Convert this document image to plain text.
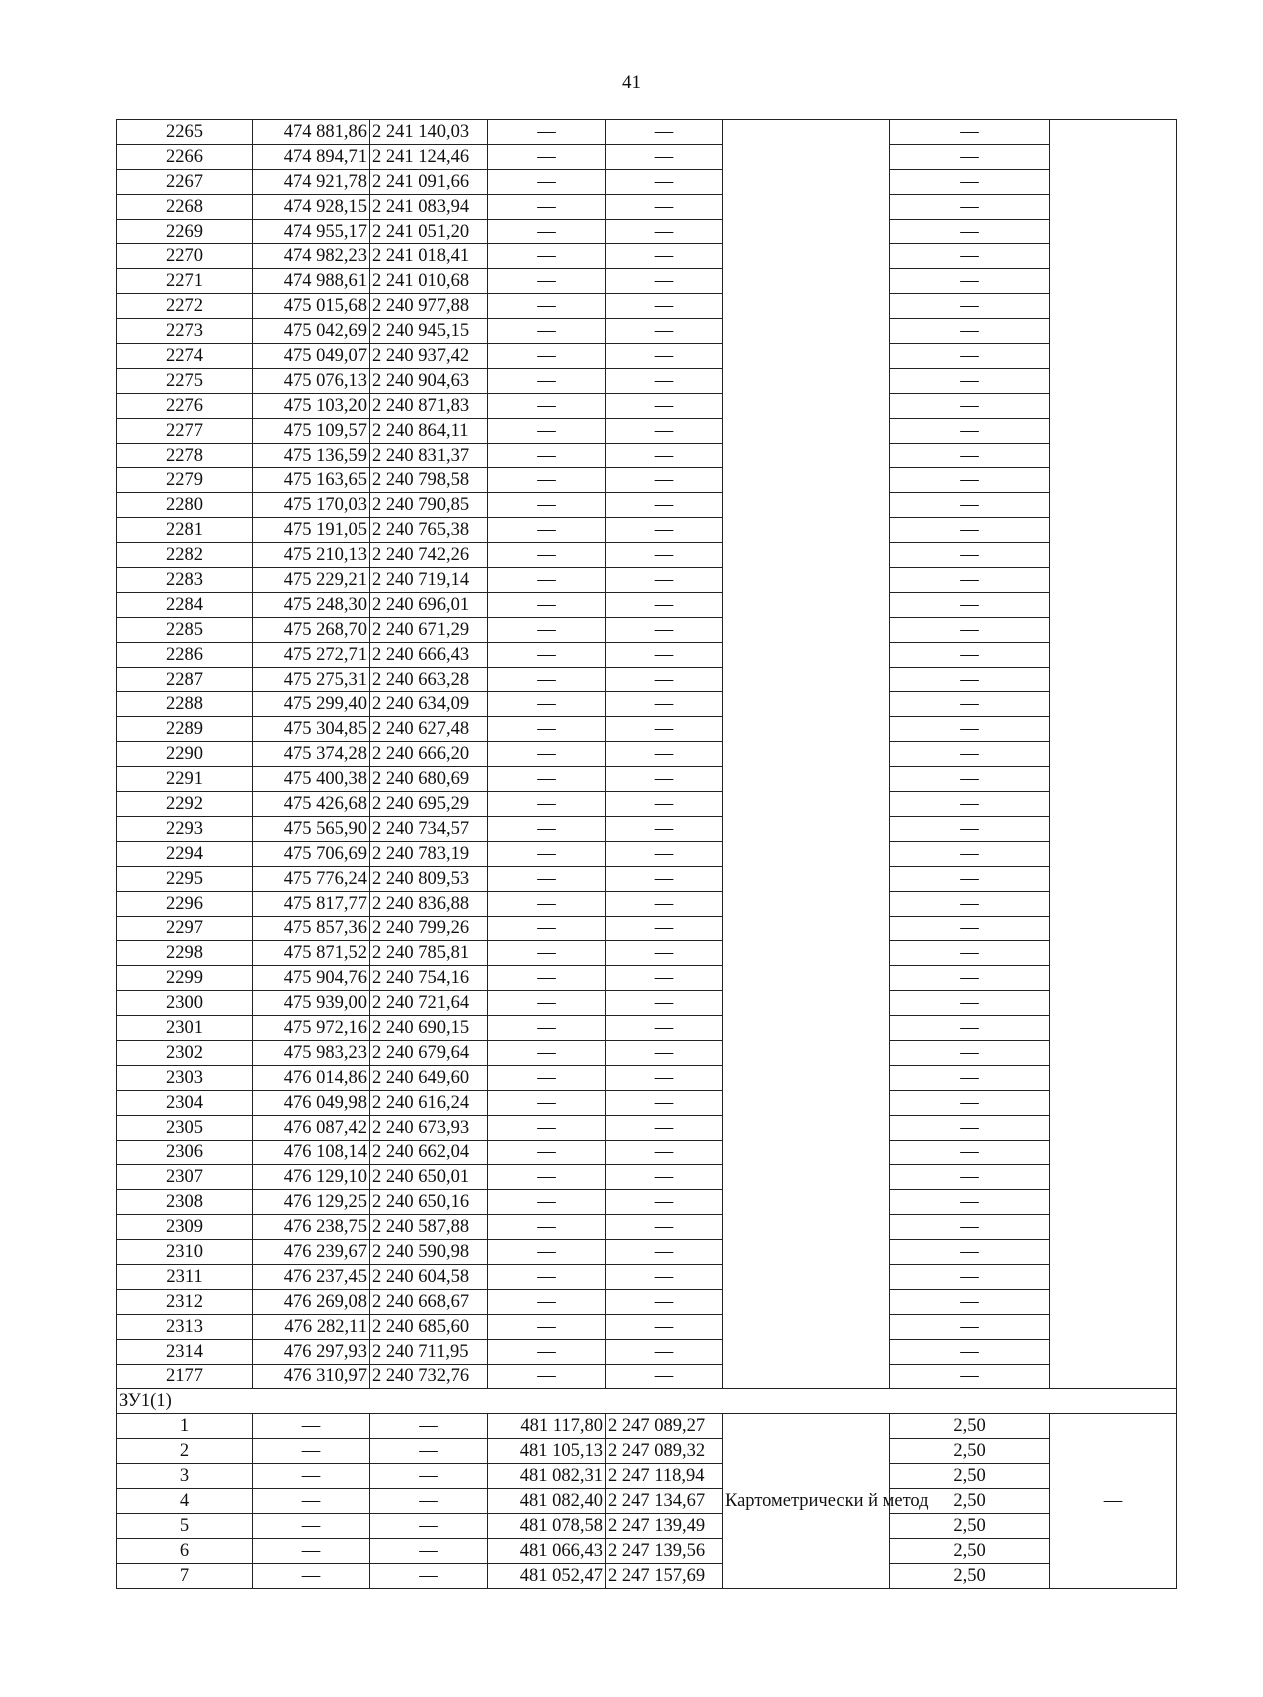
41
2265	474 881,86	2 241 140,03	—	—		—	
2266	474 894,71	2 241 124,46	—	—		—	
2267	474 921,78	2 241 091,66	—	—		—	
2268	474 928,15	2 241 083,94	—	—		—	
2269	474 955,17	2 241 051,20	—	—		—	
2270	474 982,23	2 241 018,41	—	—		—	
2271	474 988,61	2 241 010,68	—	—		—	
2272	475 015,68	2 240 977,88	—	—		—	
2273	475 042,69	2 240 945,15	—	—		—	
2274	475 049,07	2 240 937,42	—	—		—	
2275	475 076,13	2 240 904,63	—	—		—	
2276	475 103,20	2 240 871,83	—	—		—	
2277	475 109,57	2 240 864,11	—	—		—	
2278	475 136,59	2 240 831,37	—	—		—	
2279	475 163,65	2 240 798,58	—	—		—	
2280	475 170,03	2 240 790,85	—	—		—	
2281	475 191,05	2 240 765,38	—	—		—	
2282	475 210,13	2 240 742,26	—	—		—	
2283	475 229,21	2 240 719,14	—	—		—	
2284	475 248,30	2 240 696,01	—	—		—	
2285	475 268,70	2 240 671,29	—	—		—	
2286	475 272,71	2 240 666,43	—	—		—	
2287	475 275,31	2 240 663,28	—	—		—	
2288	475 299,40	2 240 634,09	—	—		—	
2289	475 304,85	2 240 627,48	—	—		—	
2290	475 374,28	2 240 666,20	—	—		—	
2291	475 400,38	2 240 680,69	—	—		—	
2292	475 426,68	2 240 695,29	—	—		—	
2293	475 565,90	2 240 734,57	—	—		—	
2294	475 706,69	2 240 783,19	—	—		—	
2295	475 776,24	2 240 809,53	—	—		—	
2296	475 817,77	2 240 836,88	—	—		—	
2297	475 857,36	2 240 799,26	—	—		—	
2298	475 871,52	2 240 785,81	—	—		—	
2299	475 904,76	2 240 754,16	—	—		—	
2300	475 939,00	2 240 721,64	—	—		—	
2301	475 972,16	2 240 690,15	—	—		—	
2302	475 983,23	2 240 679,64	—	—		—	
2303	476 014,86	2 240 649,60	—	—		—	
2304	476 049,98	2 240 616,24	—	—		—	
2305	476 087,42	2 240 673,93	—	—		—	
2306	476 108,14	2 240 662,04	—	—		—	
2307	476 129,10	2 240 650,01	—	—		—	
2308	476 129,25	2 240 650,16	—	—		—	
2309	476 238,75	2 240 587,88	—	—		—	
2310	476 239,67	2 240 590,98	—	—		—	
2311	476 237,45	2 240 604,58	—	—		—	
2312	476 269,08	2 240 668,67	—	—		—	
2313	476 282,11	2 240 685,60	—	—		—	
2314	476 297,93	2 240 711,95	—	—		—	
2177	476 310,97	2 240 732,76	—	—		—	
ЗУ1(1)							
1	—	—	481 117,80	2 247 089,27	Картометрически й метод	2,50	—
2	—	—	481 105,13	2 247 089,32		2,50	
3	—	—	481 082,31	2 247 118,94		2,50	
4	—	—	481 082,40	2 247 134,67		2,50	
5	—	—	481 078,58	2 247 139,49		2,50	
6	—	—	481 066,43	2 247 139,56		2,50	
7	—	—	481 052,47	2 247 157,69		2,50	
